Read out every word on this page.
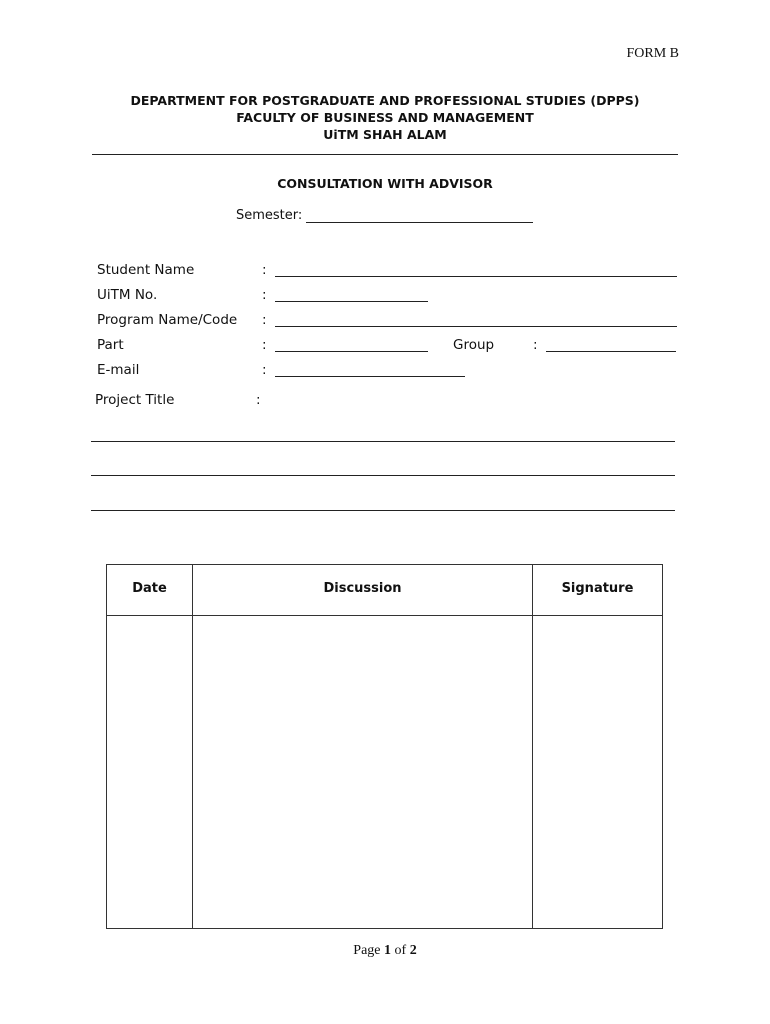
FORM B
DEPARTMENT FOR POSTGRADUATE AND PROFESSIONAL STUDIES (DPPS)
FACULTY OF BUSINESS AND MANAGEMENT
UiTM SHAH ALAM
CONSULTATION WITH ADVISOR
Semester:
Student Name	:
UiTM No.	:
Program Name/Code :
Part	:	Group	:
E-mail	:
Project Title	:
Date	Discussion	Signature
Page 1 of 2
